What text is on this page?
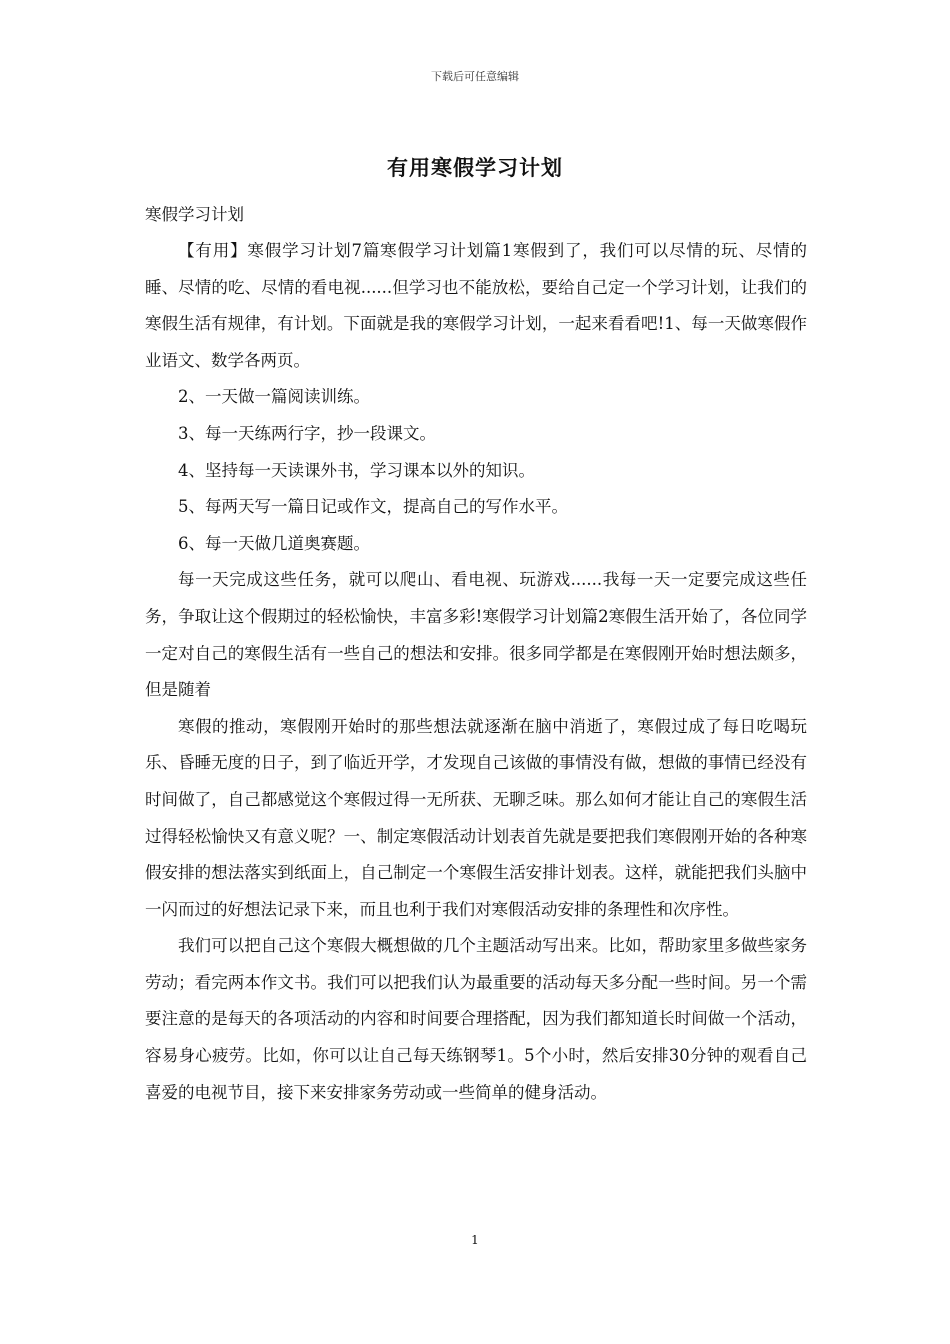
下载后可任意编辑
有用寒假学习计划
寒假学习计划

【有用】寒假学习计划7篇寒假学习计划篇1寒假到了，我们可以尽情的玩、尽情的睡、尽情的吃、尽情的看电视......但学习也不能放松，要给自己定一个学习计划，让我们的寒假生活有规律，有计划。下面就是我的寒假学习计划，一起来看看吧!1、每一天做寒假作业语文、数学各两页。

2、一天做一篇阅读训练。

3、每一天练两行字，抄一段课文。

4、坚持每一天读课外书，学习课本以外的知识。

5、每两天写一篇日记或作文，提高自己的写作水平。

6、每一天做几道奥赛题。

每一天完成这些任务，就可以爬山、看电视、玩游戏......我每一天一定要完成这些任务，争取让这个假期过的轻松愉快，丰富多彩!寒假学习计划篇2寒假生活开始了，各位同学一定对自己的寒假生活有一些自己的想法和安排。很多同学都是在寒假刚开始时想法颇多，但是随着

寒假的推动，寒假刚开始时的那些想法就逐渐在脑中消逝了，寒假过成了每日吃喝玩乐、昏睡无度的日子，到了临近开学，才发现自己该做的事情没有做，想做的事情已经没有时间做了，自己都感觉这个寒假过得一无所获、无聊乏味。那么如何才能让自己的寒假生活过得轻松愉快又有意义呢？一、制定寒假活动计划表首先就是要把我们寒假刚开始的各种寒假安排的想法落实到纸面上，自己制定一个寒假生活安排计划表。这样，就能把我们头脑中一闪而过的好想法记录下来，而且也利于我们对寒假活动安排的条理性和次序性。

我们可以把自己这个寒假大概想做的几个主题活动写出来。比如，帮助家里多做些家务劳动；看完两本作文书。我们可以把我们认为最重要的活动每天多分配一些时间。另一个需要注意的是每天的各项活动的内容和时间要合理搭配，因为我们都知道长时间做一个活动，容易身心疲劳。比如，你可以让自己每天练钢琴1。5个小时，然后安排30分钟的观看自己喜爱的电视节目，接下来安排家务劳动或一些简单的健身活动。

1
